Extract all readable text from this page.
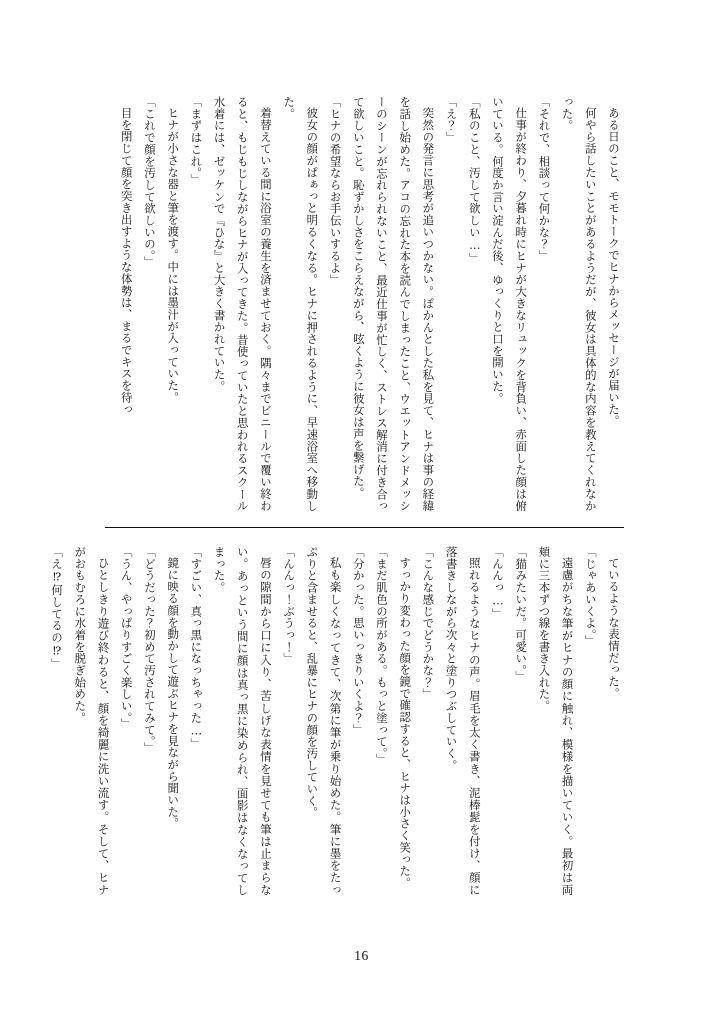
ある日のこと、モモトークでヒナからメッセージが届いた。

何やら話したいことがあるようだが、彼女は具体的な内容を教えてくれなかった。

「それで、相談って何かな？」

仕事が終わり、夕暮れ時にヒナが大きなリュックを背負い、赤面した顔は俯いている。何度か言い淀んだ後、ゆっくりと口を開いた。

「私のこと、汚して欲しい…」

「え？」

突然の発言に思考が追いつかない。ぽかんとした私を見て、ヒナは事の経緯を話し始めた。アコの忘れた本を読んでしまったこと、ウエットアンドメッシーのシーンが忘れられないこと、最近仕事が忙しく、ストレス解消に付き合って欲しいこと。恥ずかしさをこらえながら、呟くように彼女は声を繋げた。

「ヒナの希望ならお手伝いするよ」

彼女の顔がぱぁっと明るくなる。ヒナに押されるように、早速浴室へ移動した。

着替えている間に浴室の養生を済ませておく。隅々までビニールで覆い終わると、もじもじしながらヒナが入ってきた。昔使っていたと思われるスクール水着には、ゼッケンで『ひな』と大きく書かれていた。

「まずはこれ。」

ヒナが小さな器と筆を渡す。中には墨汁が入っていた。

「これで顔を汚して欲しいの。」

目を閉じて顔を突き出すような体勢は、まるでキスを待っ

ているような表情だった。

「じゃあいくよ。」

遠慮がちな筆がヒナの顔に触れ、模様を描いていく。最初は両頬に三本ずつ線を書き入れた。

「猫みたいだ。可愛い。」

「んんっ…」

照れるようなヒナの声。眉毛を太く書き、泥棒髭を付け、顔に落書きしながら次々と塗りつぶしていく。

「こんな感じでどうかな？」

すっかり変わった顔を鏡で確認すると、ヒナは小さく笑った。

「まだ肌色の所がある。もっと塗って。」

「分かった。思いっきりいくよ？」

私も楽しくなってきて、次第に筆が乗り始めた。筆に墨をたっぷりと含ませると、乱暴にヒナの顔を汚していく。

「んんっ！ぶうっ！」

唇の隙間から口に入り、苦しげな表情を見せても筆は止まらない。あっという間に顔は真っ黒に染められ、面影はなくなってしまった。

「すごい、真っ黒になっちゃった…」

鏡に映る顔を動かして遊ぶヒナを見ながら聞いた。

「どうだった？初めて汚されてみて。」

「うん、やっぱりすごく楽しい。」

ひとしきり遊び終わると、顔を綺麗に洗い流す。そして、ヒナがおもむろに水着を脱ぎ始めた。

「え⁉何してるの⁉」

16
